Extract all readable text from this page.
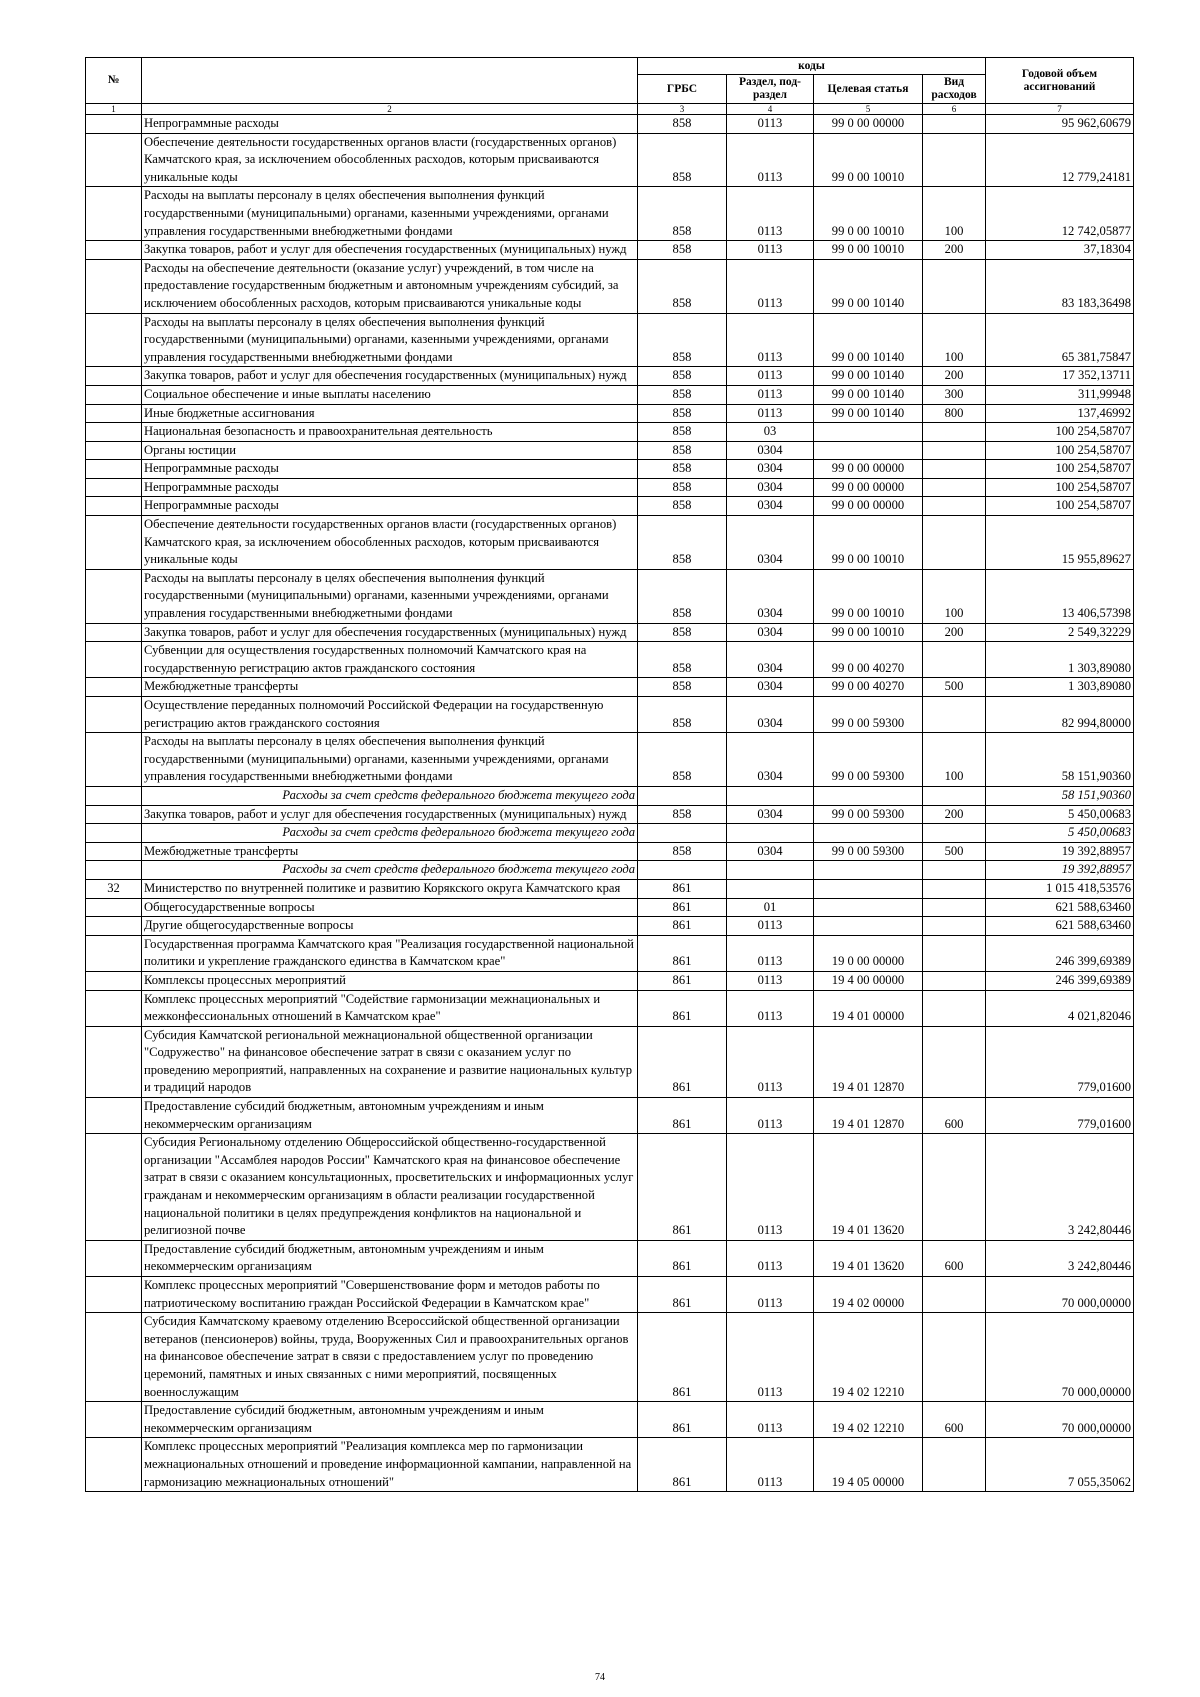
№		коды				Годовой объем ассигнований
		ГРБС	Раздел, под-раздел	Целевая статья	Вид расходов	
1	2	3	4	5	6	7
	Непрограммные расходы	858	0113	99 0 00 00000		95 962,60679
	Обеспечение деятельности государственных органов власти (государственных органов) Камчатского края, за исключением обособленных расходов, которым присваиваются уникальные коды	858	0113	99 0 00 10010		12 779,24181
	Расходы на выплаты персоналу в целях обеспечения выполнения функций государственными (муниципальными) органами, казенными учреждениями, органами управления государственными внебюджетными фондами	858	0113	99 0 00 10010	100	12 742,05877
	Закупка товаров, работ и услуг для обеспечения государственных (муниципальных) нужд	858	0113	99 0 00 10010	200	37,18304
	Расходы на обеспечение деятельности (оказание услуг) учреждений, в том числе на предоставление государственным бюджетным и автономным учреждениям субсидий, за исключением обособленных расходов, которым присваиваются уникальные коды	858	0113	99 0 00 10140		83 183,36498
	Расходы на выплаты персоналу в целях обеспечения выполнения функций государственными (муниципальными) органами, казенными учреждениями, органами управления государственными внебюджетными фондами	858	0113	99 0 00 10140	100	65 381,75847
	Закупка товаров, работ и услуг для обеспечения государственных (муниципальных) нужд	858	0113	99 0 00 10140	200	17 352,13711
	Социальное обеспечение и иные выплаты населению	858	0113	99 0 00 10140	300	311,99948
	Иные бюджетные ассигнования	858	0113	99 0 00 10140	800	137,46992
	Национальная безопасность и правоохранительная деятельность	858	03			100 254,58707
	Органы юстиции	858	0304			100 254,58707
	Непрограммные расходы	858	0304	99 0 00 00000		100 254,58707
	Непрограммные расходы	858	0304	99 0 00 00000		100 254,58707
	Непрограммные расходы	858	0304	99 0 00 00000		100 254,58707
	Обеспечение деятельности государственных органов власти (государственных органов) Камчатского края, за исключением обособленных расходов, которым присваиваются уникальные коды	858	0304	99 0 00 10010		15 955,89627
	Расходы на выплаты персоналу в целях обеспечения выполнения функций государственными (муниципальными) органами, казенными учреждениями, органами управления государственными внебюджетными фондами	858	0304	99 0 00 10010	100	13 406,57398
	Закупка товаров, работ и услуг для обеспечения государственных (муниципальных) нужд	858	0304	99 0 00 10010	200	2 549,32229
	Субвенции для осуществления государственных полномочий Камчатского края на государственную регистрацию актов гражданского состояния	858	0304	99 0 00 40270		1 303,89080
	Межбюджетные трансферты	858	0304	99 0 00 40270	500	1 303,89080
	Осуществление переданных полномочий Российской Федерации на государственную регистрацию актов гражданского состояния	858	0304	99 0 00 59300		82 994,80000
	Расходы на выплаты персоналу в целях обеспечения выполнения функций государственными (муниципальными) органами, казенными учреждениями, органами управления государственными внебюджетными фондами	858	0304	99 0 00 59300	100	58 151,90360
	Расходы за счет средств федерального бюджета текущего года					58 151,90360
	Закупка товаров, работ и услуг для обеспечения государственных (муниципальных) нужд	858	0304	99 0 00 59300	200	5 450,00683
	Расходы за счет средств федерального бюджета текущего года					5 450,00683
	Межбюджетные трансферты	858	0304	99 0 00 59300	500	19 392,88957
	Расходы за счет средств федерального бюджета текущего года					19 392,88957
32	Министерство по внутренней политике и развитию Корякского округа Камчатского края	861				1 015 418,53576
	Общегосударственные вопросы	861	01			621 588,63460
	Другие общегосударственные вопросы	861	0113			621 588,63460
	Государственная программа Камчатского края "Реализация государственной национальной политики и укрепление гражданского единства в Камчатском крае"	861	0113	19 0 00 00000		246 399,69389
	Комплексы процессных мероприятий	861	0113	19 4 00 00000		246 399,69389
	Комплекс процессных мероприятий "Содействие гармонизации межнациональных и межконфессиональных отношений в Камчатском крае"	861	0113	19 4 01 00000		4 021,82046
	Субсидия Камчатской региональной межнациональной общественной организации "Содружество" на финансовое обеспечение затрат в связи с оказанием услуг по проведению мероприятий, направленных на сохранение и развитие национальных культур и традиций народов	861	0113	19 4 01 12870		779,01600
	Предоставление субсидий бюджетным, автономным учреждениям и иным некоммерческим организациям	861	0113	19 4 01 12870	600	779,01600
	Субсидия Региональному отделению Общероссийской общественно-государственной организации "Ассамблея народов России" Камчатского края на финансовое обеспечение затрат в связи с оказанием консультационных, просветительских и информационных услуг гражданам и некоммерческим организациям в области реализации государственной национальной политики в целях предупреждения конфликтов на национальной и религиозной почве	861	0113	19 4 01 13620		3 242,80446
	Предоставление субсидий бюджетным, автономным учреждениям и иным некоммерческим организациям	861	0113	19 4 01 13620	600	3 242,80446
	Комплекс процессных мероприятий "Совершенствование форм и методов работы по патриотическому воспитанию граждан Российской Федерации в Камчатском крае"	861	0113	19 4 02 00000		70 000,00000
	Субсидия Камчатскому краевому отделению Всероссийской общественной организации ветеранов (пенсионеров) войны, труда, Вооруженных Сил и правоохранительных органов на финансовое обеспечение затрат в связи с предоставлением услуг по проведению церемоний, памятных и иных связанных с ними мероприятий, посвященных военнослужащим	861	0113	19 4 02 12210		70 000,00000
	Предоставление субсидий бюджетным, автономным учреждениям и иным некоммерческим организациям	861	0113	19 4 02 12210	600	70 000,00000
	Комплекс процессных мероприятий "Реализация комплекса мер по гармонизации межнациональных отношений и проведение информационной кампании, направленной на гармонизацию межнациональных отношений"	861	0113	19 4 05 00000		7 055,35062
74
